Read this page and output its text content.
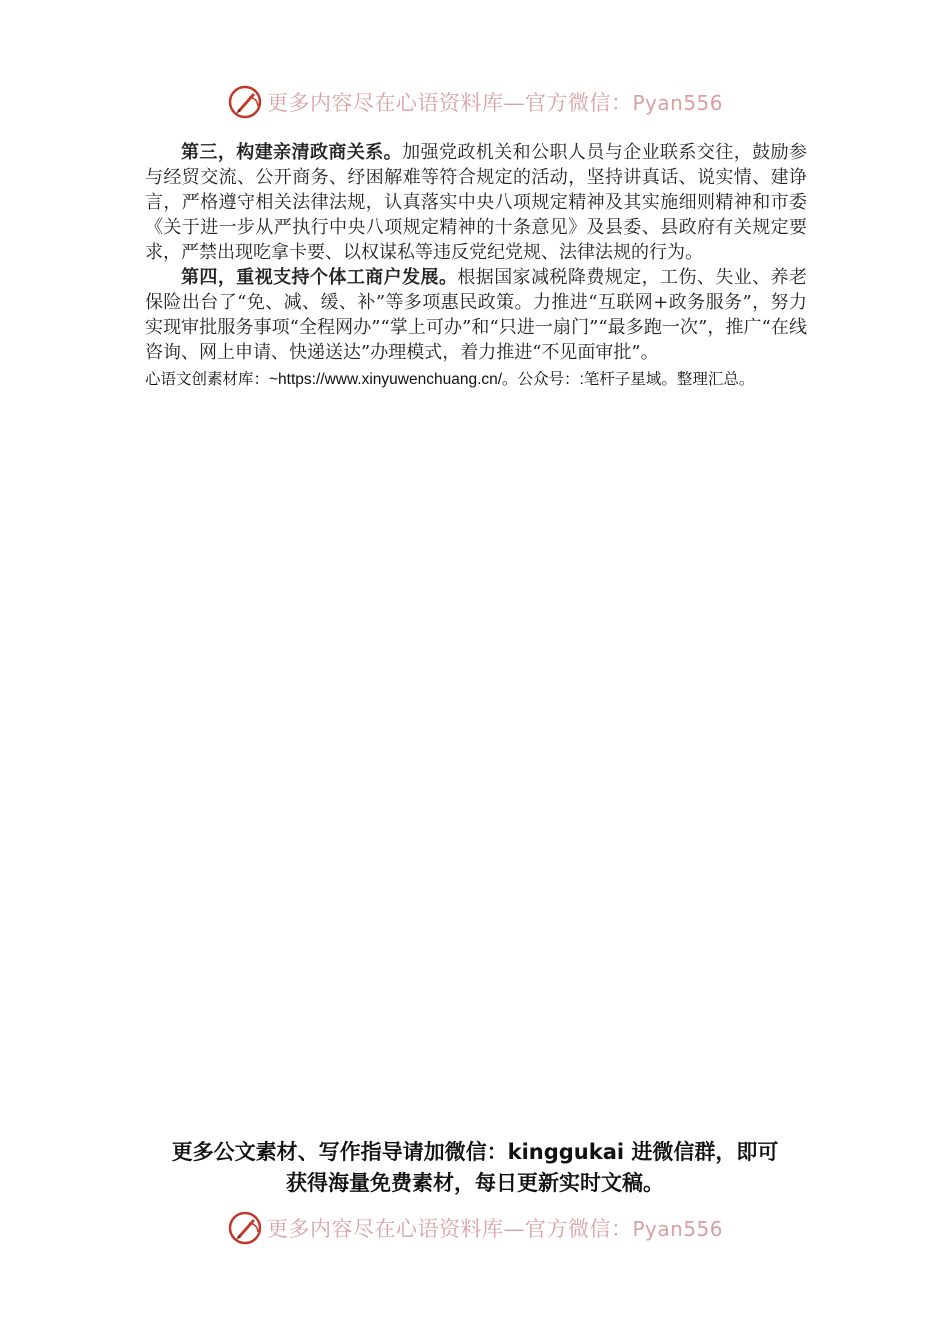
更多内容尽在心语资料库—官方微信：Pyan556

第三，构建亲清政商关系。加强党政机关和公职人员与企业联系交往，鼓励参与经贸交流、公开商务、纾困解难等符合规定的活动，坚持讲真话、说实情、建诤言，严格遵守相关法律法规，认真落实中央八项规定精神及其实施细则精神和市委《关于进一步从严执行中央八项规定精神的十条意见》及县委、县政府有关规定要求，严禁出现吃拿卡要、以权谋私等违反党纪党规、法律法规的行为。

第四，重视支持个体工商户发展。根据国家减税降费规定，工伤、失业、养老保险出台了“免、减、缓、补”等多项惠民政策。力推进“互联网+政务服务”，努力实现审批服务事项“全程网办”“掌上可办”和“只进一扇门”“最多跑一次”，推广“在线咨询、网上申请、快递送达”办理模式，着力推进“不见面审批”。

心语文创素材库：~https://www.xinyuwenchuang.cn/。公众号：:笔杆子星域。整理汇总。

更多公文素材、写作指导请加微信：kinggukai 进微信群，即可
获得海量免费素材，每日更新实时文稿。
更多内容尽在心语资料库—官方微信：Pyan556
